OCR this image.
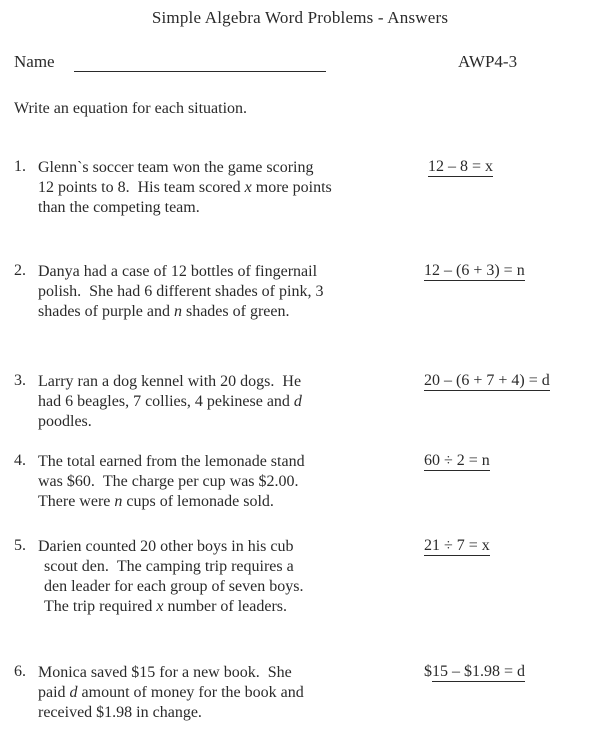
Simple Algebra Word Problems - Answers
Name	AWP4-3
Write an equation for each situation.
1. Glenn`s soccer team won the game scoring
12 points to 8.  His team scored x more points
than the competing team.
12 – 8 = x
2. Danya had a case of 12 bottles of fingernail
polish.  She had 6 different shades of pink, 3
shades of purple and n shades of green.
12 – (6 + 3) = n
3. Larry ran a dog kennel with 20 dogs.  He
had 6 beagles, 7 collies, 4 pekinese and d
poodles.
20 – (6 + 7 + 4) = d
4. The total earned from the lemonade stand
was $60.  The charge per cup was $2.00.
There were n cups of lemonade sold.
60 ÷ 2 = n
5. Darien counted 20 other boys in his cub
scout den.  The camping trip requires a
den leader for each group of seven boys.
The trip required x number of leaders.
21 ÷ 7 = x
6. Monica saved $15 for a new book.  She
paid d amount of money for the book and
received $1.98 in change.
$15 – $1.98 = d
